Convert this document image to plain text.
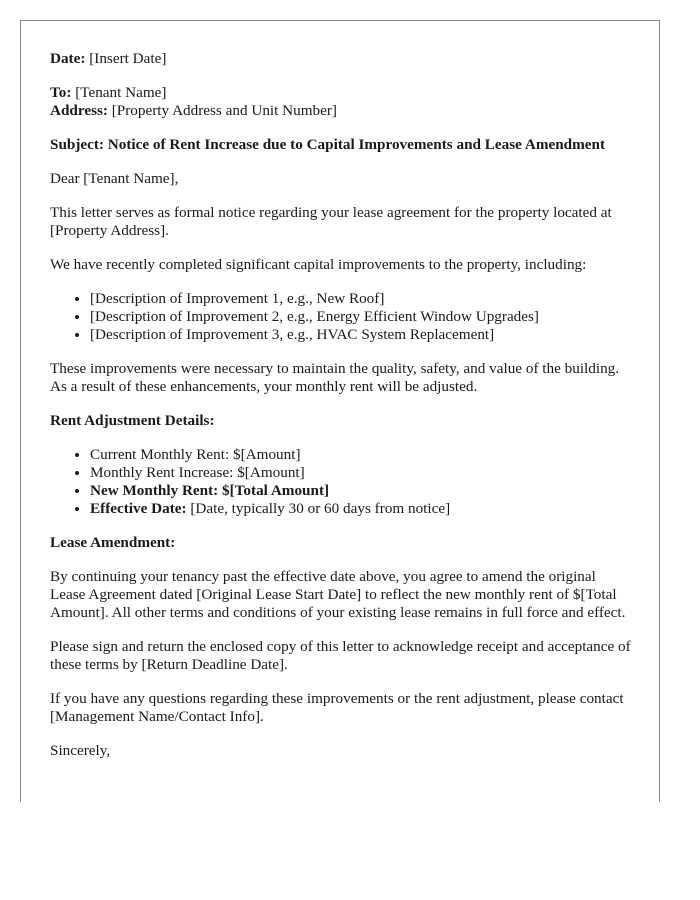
Date: [Insert Date]

To: [Tenant Name]

Address: [Property Address and Unit Number]

Subject: Notice of Rent Increase due to Capital Improvements and Lease Amendment

Dear [Tenant Name],

This letter serves as formal notice regarding your lease agreement for the property located at [Property Address].

We have recently completed significant capital improvements to the property, including:

• [Description of Improvement 1, e.g., New Roof]
• [Description of Improvement 2, e.g., Energy Efficient Window Upgrades]
• [Description of Improvement 3, e.g., HVAC System Replacement]

These improvements were necessary to maintain the quality, safety, and value of the building. As a result of these enhancements, your monthly rent will be adjusted.

Rent Adjustment Details:

• Current Monthly Rent: $[Amount]
• Monthly Rent Increase: $[Amount]
• New Monthly Rent: $[Total Amount]
• Effective Date: [Date, typically 30 or 60 days from notice]

Lease Amendment:

By continuing your tenancy past the effective date above, you agree to amend the original Lease Agreement dated [Original Lease Start Date] to reflect the new monthly rent of $[Total Amount]. All other terms and conditions of your existing lease remains in full force and effect.

Please sign and return the enclosed copy of this letter to acknowledge receipt and acceptance of these terms by [Return Deadline Date].

If you have any questions regarding these improvements or the rent adjustment, please contact [Management Name/Contact Info].

Sincerely,
